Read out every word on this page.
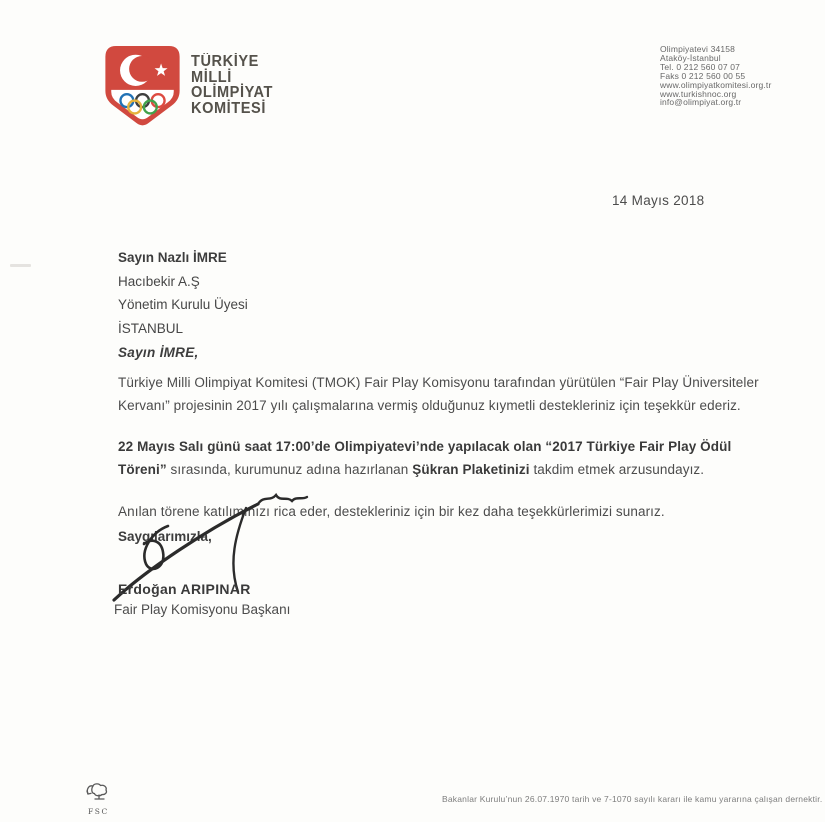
TÜRKİYE
MİLLİ
OLİMPİYAT
KOMİTESİ
Olimpiyatevi 34158
Ataköy-İstanbul
Tel. 0 212 560 07 07
Faks 0 212 560 00 55
www.olimpiyatkomitesi.org.tr
www.turkishnoc.org
info@olimpiyat.org.tr
14 Mayıs 2018
Sayın Nazlı İMRE
Hacıbekir A.Ş
Yönetim Kurulu Üyesi
İSTANBUL
Sayın İMRE,
Türkiye Milli Olimpiyat Komitesi (TMOK) Fair Play Komisyonu tarafından yürütülen “Fair Play Üniversiteler Kervanı” projesinin 2017 yılı çalışmalarına vermiş olduğunuz kıymetli destekleriniz için teşekkür ederiz.
22 Mayıs Salı günü saat 17:00’de Olimpiyatevi’nde yapılacak olan “2017 Türkiye Fair Play Ödül Töreni” sırasında, kurumunuz adına hazırlanan Şükran Plaketinizi takdim etmek arzusundayız.
Anılan törene katılımınızı rica eder, destekleriniz için bir kez daha teşekkürlerimizi sunarız.
Saygılarımızla,
Erdoğan ARIPINAR
Fair Play Komisyonu Başkanı
FSC
Bakanlar Kurulu’nun 26.07.1970 tarih ve 7-1070 sayılı kararı ile kamu yararına çalışan dernektir.
